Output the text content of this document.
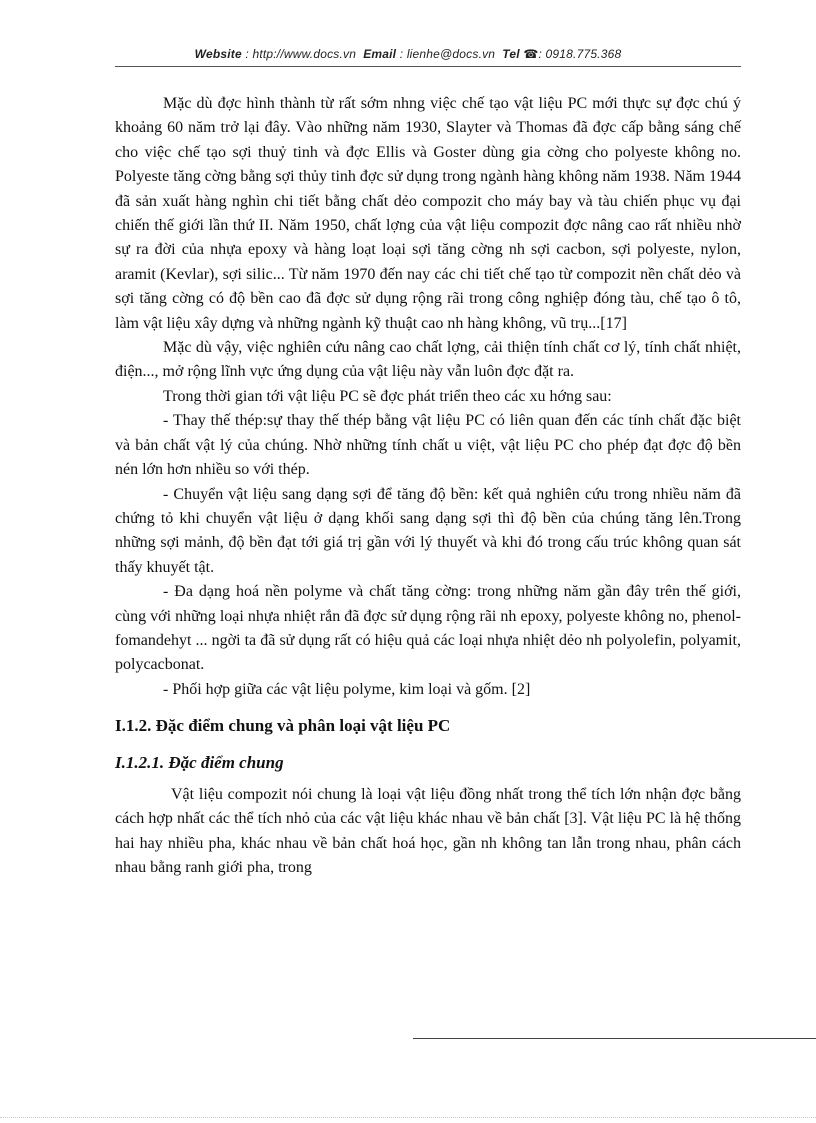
Website : http://www.docs.vn Email : lienhe@docs.vn Tel ☎: 0918.775.368

Mặc dù đợc hình thành từ rất sớm nhng việc chế tạo vật liệu PC mới thực sự đợc chú ý khoảng 60 năm trở lại đây. Vào những năm 1930, Slayter và Thomas đã đợc cấp bằng sáng chế cho việc chế tạo sợi thuỷ tinh và đợc Ellis và Goster dùng gia cờng cho polyeste không no. Polyeste tăng cờng bằng sợi thủy tinh đợc sử dụng trong ngành hàng không năm 1938. Năm 1944 đã sản xuất hàng nghìn chi tiết bằng chất dẻo compozit cho máy bay và tàu chiến phục vụ đại chiến thế giới lần thứ II. Năm 1950, chất lợng của vật liệu compozit đợc nâng cao rất nhiều nhờ sự ra đời của nhựa epoxy và hàng loạt loại sợi tăng cờng nh sợi cacbon, sợi polyeste, nylon, aramit (Kevlar), sợi silic... Từ năm 1970 đến nay các chi tiết chế tạo từ compozit nền chất dẻo và sợi tăng cờng có độ bền cao đã đợc sử dụng rộng rãi trong công nghiệp đóng tàu, chế tạo ô tô, làm vật liệu xây dựng và những ngành kỹ thuật cao nh hàng không, vũ trụ...[17]

Mặc dù vậy, việc nghiên cứu nâng cao chất lợng, cải thiện tính chất cơ lý, tính chất nhiệt, điện..., mở rộng lĩnh vực ứng dụng của vật liệu này vẫn luôn đợc đặt ra.

Trong thời gian tới vật liệu PC sẽ đợc phát triển theo các xu hớng sau:

- Thay thế thép:sự thay thế thép bằng vật liệu PC có liên quan đến các tính chất đặc biệt và bản chất vật lý của chúng. Nhờ những tính chất u việt, vật liệu PC cho phép đạt đợc độ bền nén lớn hơn nhiều so với thép.

- Chuyển vật liệu sang dạng sợi để tăng độ bền: kết quả nghiên cứu trong nhiều năm đã chứng tỏ khi chuyển vật liệu ở dạng khối sang dạng sợi thì độ bền của chúng tăng lên.Trong những sợi mảnh, độ bền đạt tới giá trị gần với lý thuyết và khi đó trong cấu trúc không quan sát thấy khuyết tật.

- Đa dạng hoá nền polyme và chất tăng cờng: trong những năm gần đây trên thế giới, cùng với những loại nhựa nhiệt rắn đã đợc sử dụng rộng rãi nh epoxy, polyeste không no, phenol-fomandehyt ... ngời ta đã sử dụng rất có hiệu quả các loại nhựa nhiệt dẻo nh polyolefin, polyamit, polycacbonat.

- Phối hợp giữa các vật liệu polyme, kim loại và gốm. [2]

I.1.2. Đặc điểm chung và phân loại vật liệu PC

I.1.2.1. Đặc điểm chung

Vật liệu compozit nói chung là loại vật liệu đồng nhất trong thể tích lớn nhận đợc bằng cách hợp nhất các thể tích nhỏ của các vật liệu khác nhau về bản chất [3]. Vật liệu PC là hệ thống hai hay nhiều pha, khác nhau về bản chất hoá học, gần nh không tan lẫn trong nhau, phân cách nhau bằng ranh giới pha, trong
